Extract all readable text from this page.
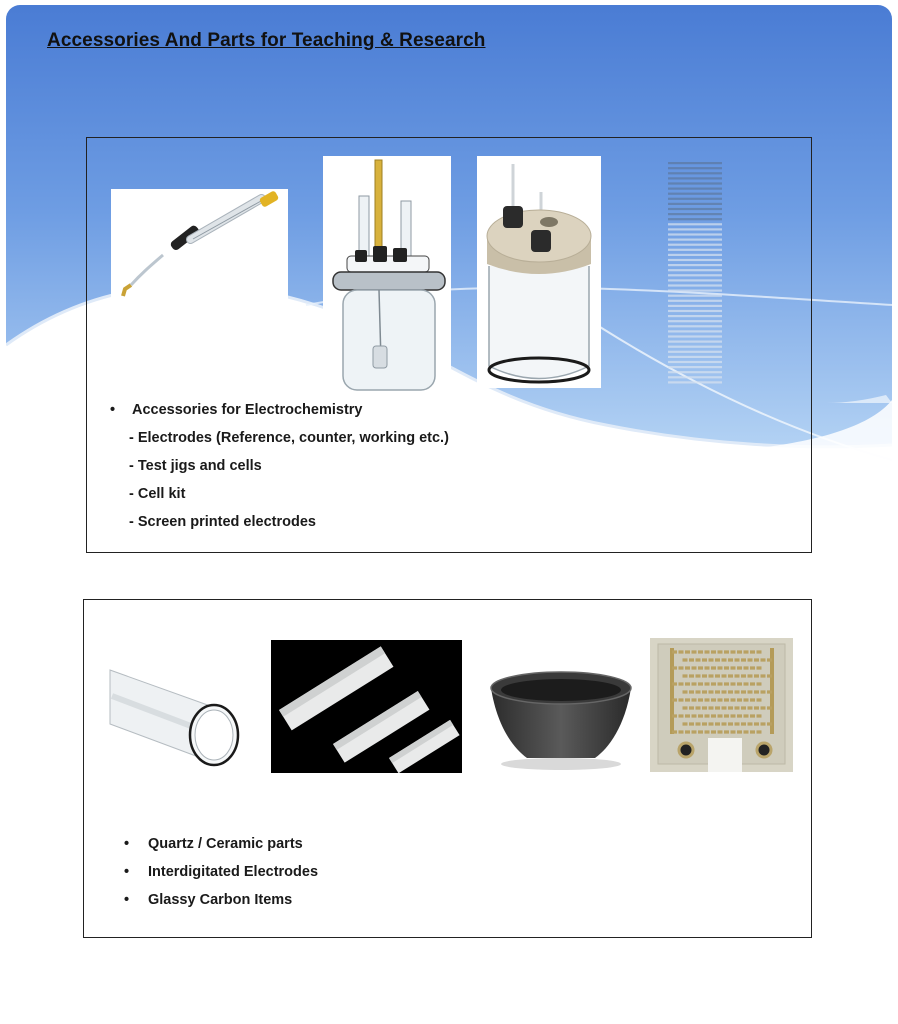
Accessories And Parts for Teaching & Research
• Accessories for Electrochemistry
- Electrodes (Reference, counter, working etc.)
- Test jigs and cells
- Cell kit
- Screen printed electrodes
• Quartz / Ceramic parts
• Interdigitated Electrodes
• Glassy Carbon Items
